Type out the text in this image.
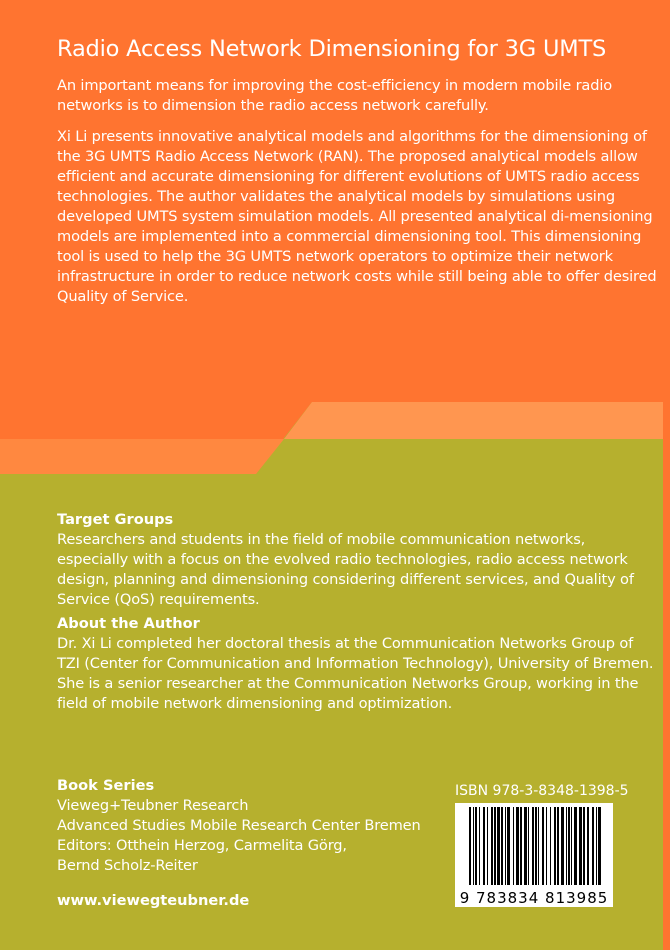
Radio Access Network Dimensioning for 3G UMTS

An important means for improving the cost-efficiency in modern mobile radio networks is to dimension the radio access network carefully.

Xi Li presents innovative analytical models and algorithms for the dimensioning of the 3G UMTS Radio Access Network (RAN). The proposed analytical models allow efficient and accurate dimensioning for different evolutions of UMTS radio access technologies. The author validates the analytical models by simulations using developed UMTS system simulation models. All presented analytical di-mensioning models are implemented into a commercial dimensioning tool. This dimensioning tool is used to help the 3G UMTS network operators to optimize their network infrastructure in order to reduce network costs while still being able to offer desired Quality of Service.

Target Groups

Researchers and students in the field of mobile communication networks, especially with a focus on the evolved radio technologies, radio access network design, planning and dimensioning considering different services, and Quality of Service (QoS) requirements.

About the Author

Dr. Xi Li completed her doctoral thesis at the Communication Networks Group of TZI (Center for Communication and Information Technology), University of Bremen. She is a senior researcher at the Communication Networks Group, working in the field of mobile network dimensioning and optimization.

Book Series

Vieweg+Teubner Research

Advanced Studies Mobile Research Center Bremen

Editors: Otthein Herzog, Carmelita Görg,

Bernd Scholz-Reiter

www.viewegteubner.de

ISBN 978-3-8348-1398-5
9 783834 813985
